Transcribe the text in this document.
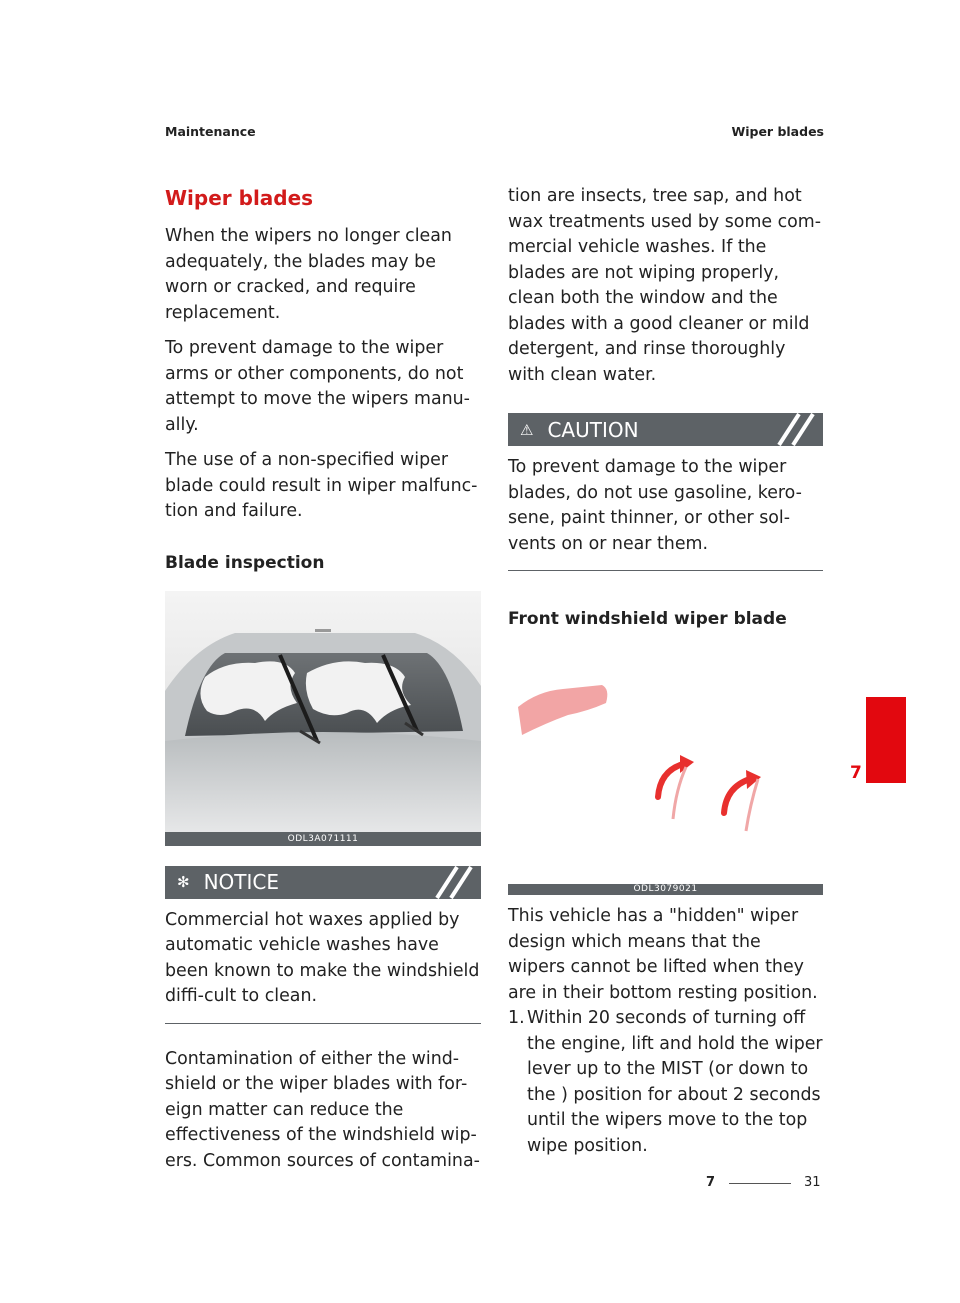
Maintenance	Wiper blades
Wiper blades

When the wipers no longer clean adequately, the blades may be worn or cracked, and require replacement.

To prevent damage to the wiper arms or other components, do not attempt to move the wipers manu-ally.

The use of a non-specified wiper blade could result in wiper malfunc-tion and failure.

Blade inspection
ODL3A071111
✻ NOTICE

Commercial hot waxes applied by automatic vehicle washes have been known to make the windshield diffi-cult to clean.

Contamination of either the wind-shield or the wiper blades with for-eign matter can reduce the effectiveness of the windshield wip-ers. Common sources of contamina-

tion are insects, tree sap, and hot wax treatments used by some com-mercial vehicle washes. If the blades are not wiping properly, clean both the window and the blades with a good cleaner or mild detergent, and rinse thoroughly with clean water.

⚠ CAUTION

To prevent damage to the wiper blades, do not use gasoline, kero-sene, paint thinner, or other sol-vents on or near them.

Front windshield wiper blade
ODL3079021

This vehicle has a "hidden" wiper design which means that the wipers cannot be lifted when they are in their bottom resting position.

1. Within 20 seconds of turning off the engine, lift and hold the wiper lever up to the MIST (or down to the ) position for about 2 seconds until the wipers move to the top wipe position.
7
7	31
